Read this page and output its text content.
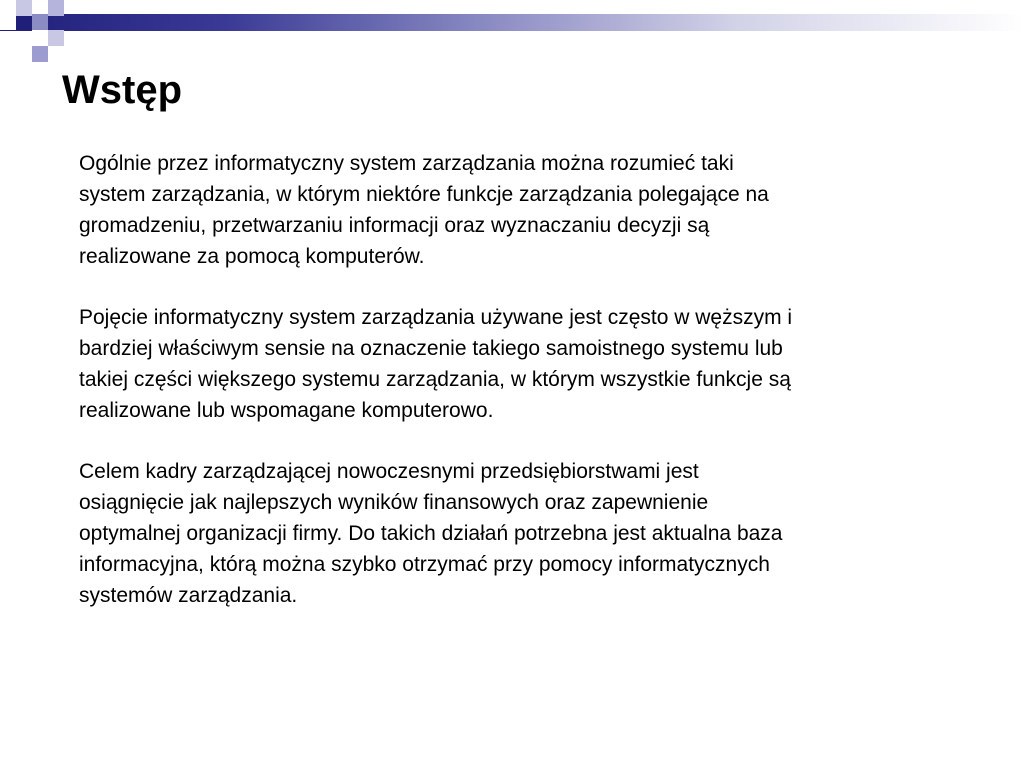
Wstęp

Ogólnie przez informatyczny system zarządzania można rozumieć taki
system zarządzania, w którym niektóre funkcje zarządzania polegające na
gromadzeniu, przetwarzaniu informacji oraz wyznaczaniu decyzji są
realizowane za pomocą komputerów.

Pojęcie informatyczny system zarządzania używane jest często w węższym i
bardziej właściwym sensie na oznaczenie takiego samoistnego systemu lub
takiej części większego systemu zarządzania, w którym wszystkie funkcje są
realizowane lub wspomagane komputerowo.

Celem kadry zarządzającej nowoczesnymi przedsiębiorstwami jest
osiągnięcie jak najlepszych wyników finansowych oraz zapewnienie
optymalnej organizacji firmy. Do takich działań potrzebna jest aktualna baza
informacyjna, którą można szybko otrzymać przy pomocy informatycznych
systemów zarządzania.
